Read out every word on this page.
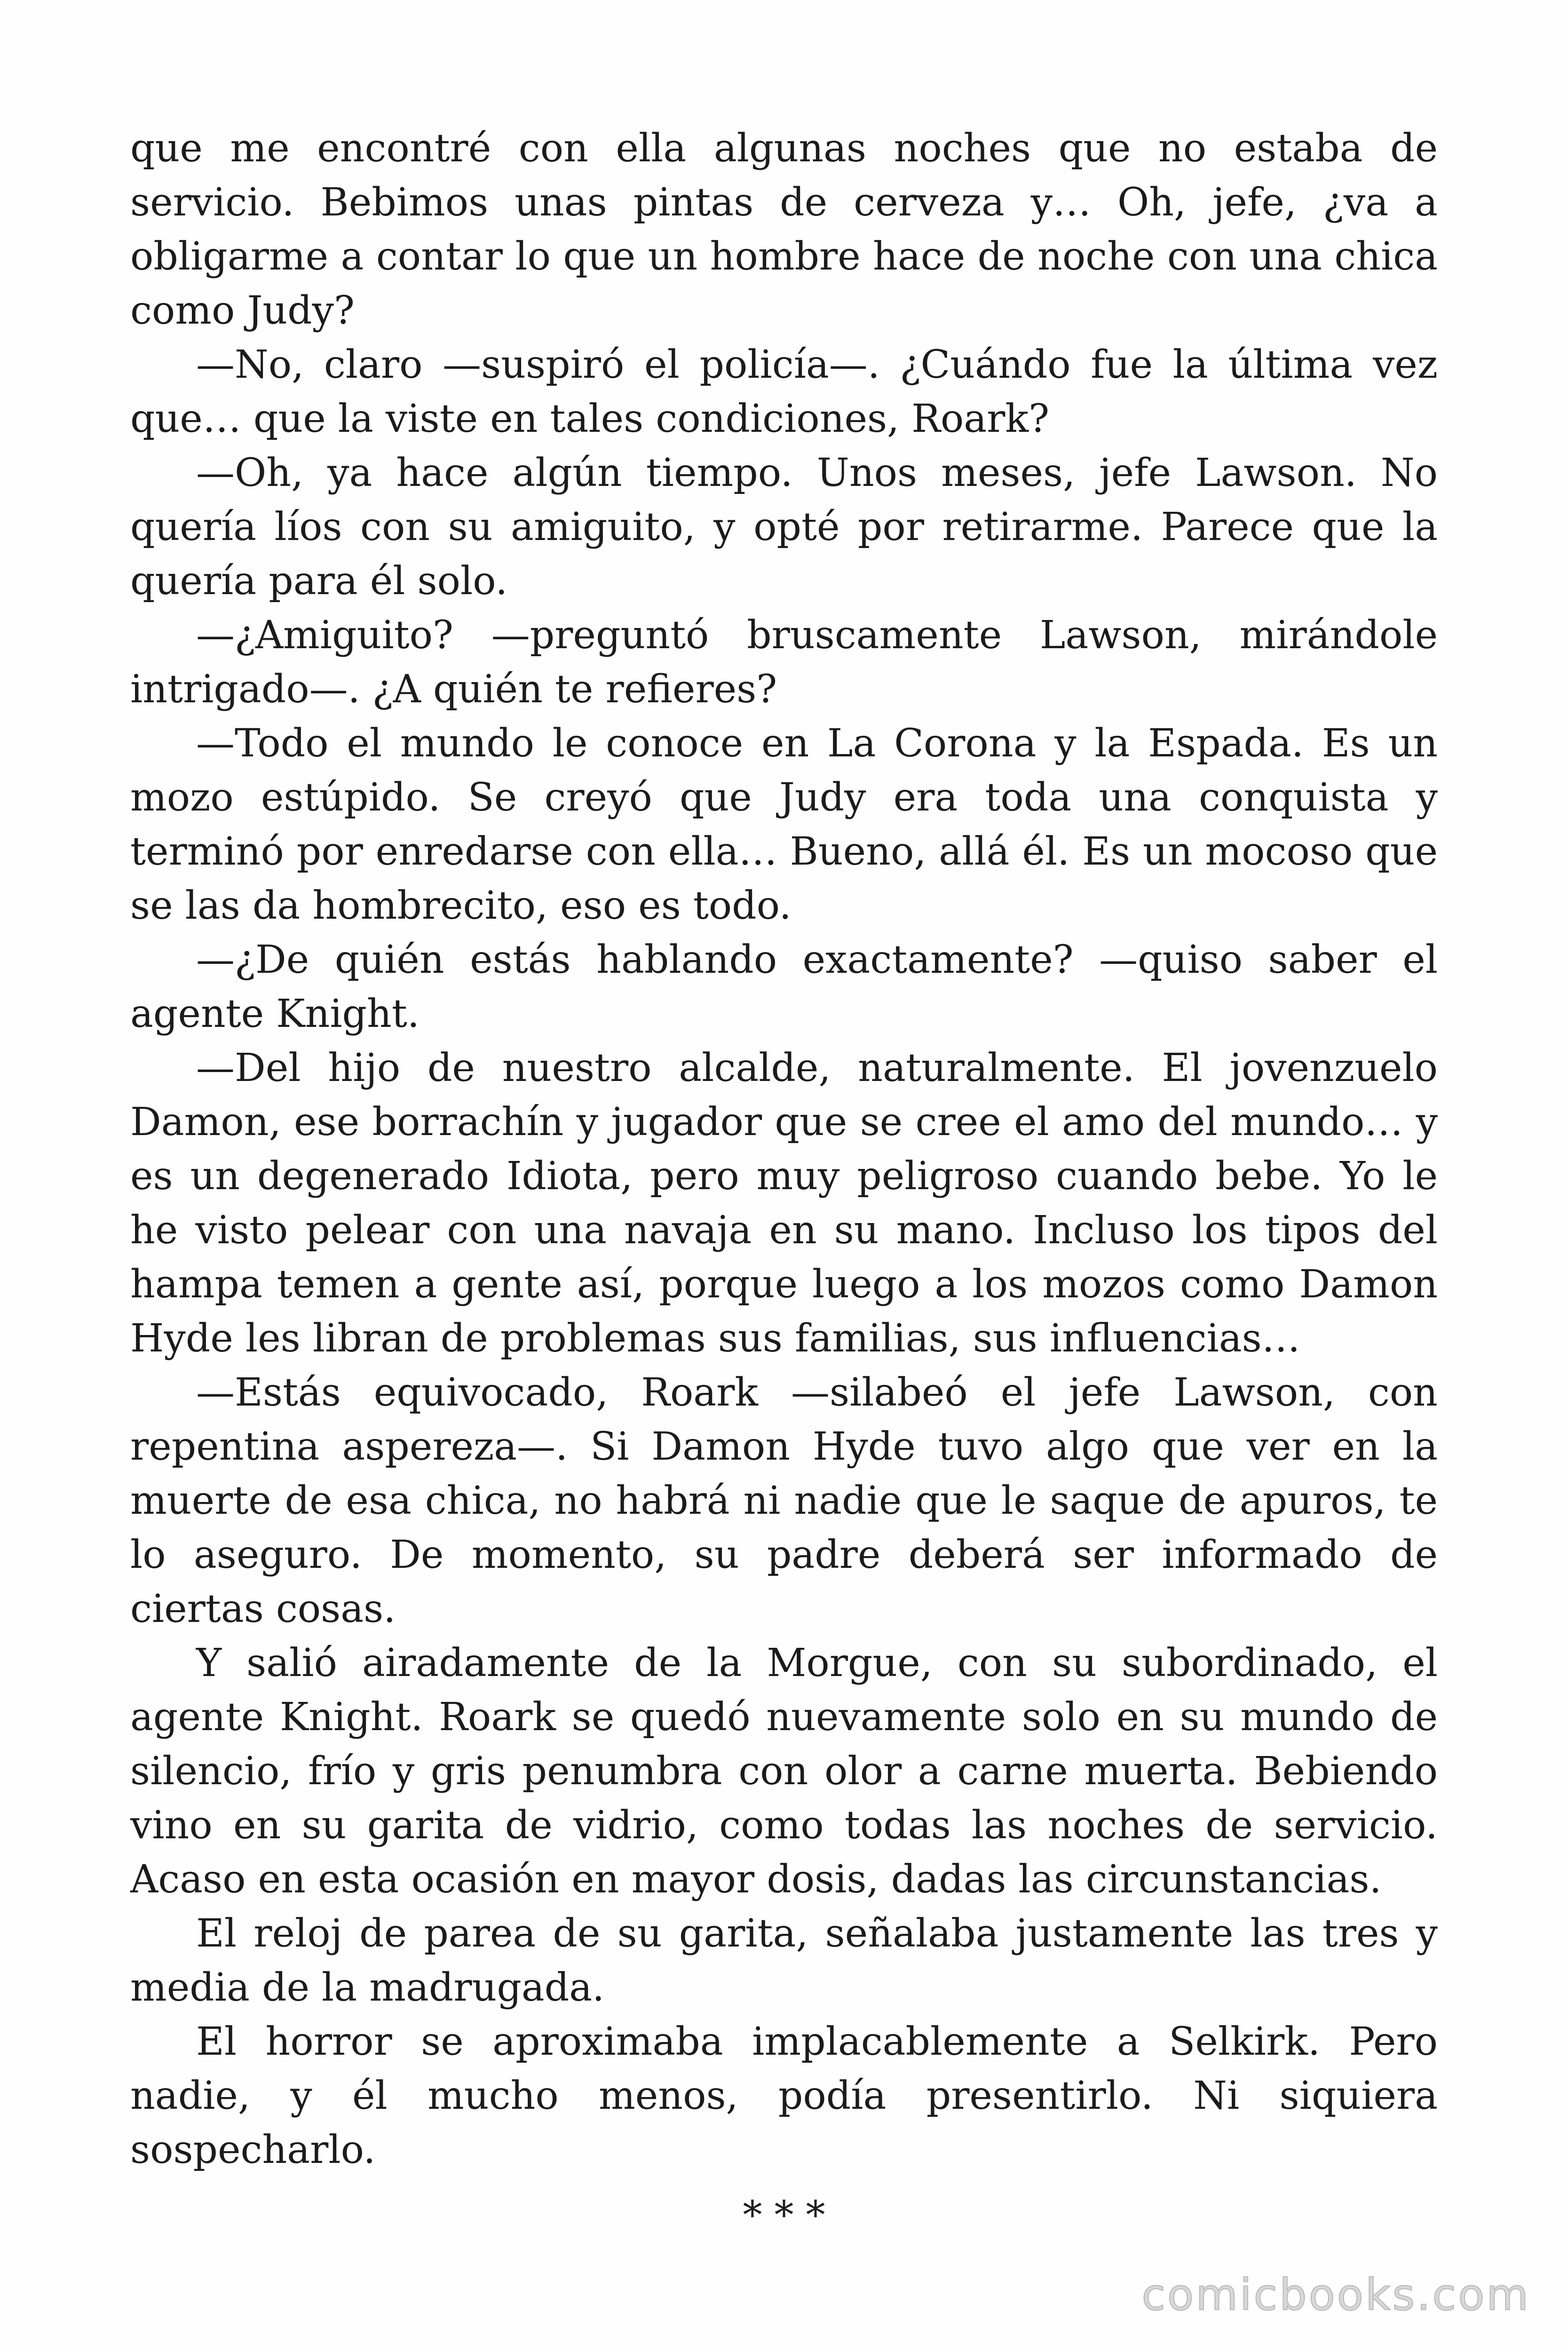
que me encontré con ella algunas noches que no estaba de servicio. Bebimos unas pintas de cerveza y… Oh, jefe, ¿va a obligarme a contar lo que un hombre hace de noche con una chica como Judy?

—No, claro —suspiró el policía—. ¿Cuándo fue la última vez que… que la viste en tales condiciones, Roark?

—Oh, ya hace algún tiempo. Unos meses, jefe Lawson. No quería líos con su amiguito, y opté por retirarme. Parece que la quería para él solo.

—¿Amiguito? —preguntó bruscamente Lawson, mirándole intrigado—. ¿A quién te refieres?

—Todo el mundo le conoce en La Corona y la Espada. Es un mozo estúpido. Se creyó que Judy era toda una conquista y terminó por enredarse con ella… Bueno, allá él. Es un mocoso que se las da hombrecito, eso es todo.

—¿De quién estás hablando exactamente? —quiso saber el agente Knight.

—Del hijo de nuestro alcalde, naturalmente. El jovenzuelo Damon, ese borrachín y jugador que se cree el amo del mundo… y es un degenerado Idiota, pero muy peligroso cuando bebe. Yo le he visto pelear con una navaja en su mano. Incluso los tipos del hampa temen a gente así, porque luego a los mozos como Damon Hyde les libran de problemas sus familias, sus influencias…

—Estás equivocado, Roark —silabeó el jefe Lawson, con repentina aspereza—. Si Damon Hyde tuvo algo que ver en la muerte de esa chica, no habrá ni nadie que le saque de apuros, te lo aseguro. De momento, su padre deberá ser informado de ciertas cosas.

Y salió airadamente de la Morgue, con su subordinado, el agente Knight. Roark se quedó nuevamente solo en su mundo de silencio, frío y gris penumbra con olor a carne muerta. Bebiendo vino en su garita de vidrio, como todas las noches de servicio. Acaso en esta ocasión en mayor dosis, dadas las circunstancias.

El reloj de parea de su garita, señalaba justamente las tres y media de la madrugada.

El horror se aproximaba implacablemente a Selkirk. Pero nadie, y él mucho menos, podía presentirlo. Ni siquiera sospecharlo.

* * *
comicbooks.com
